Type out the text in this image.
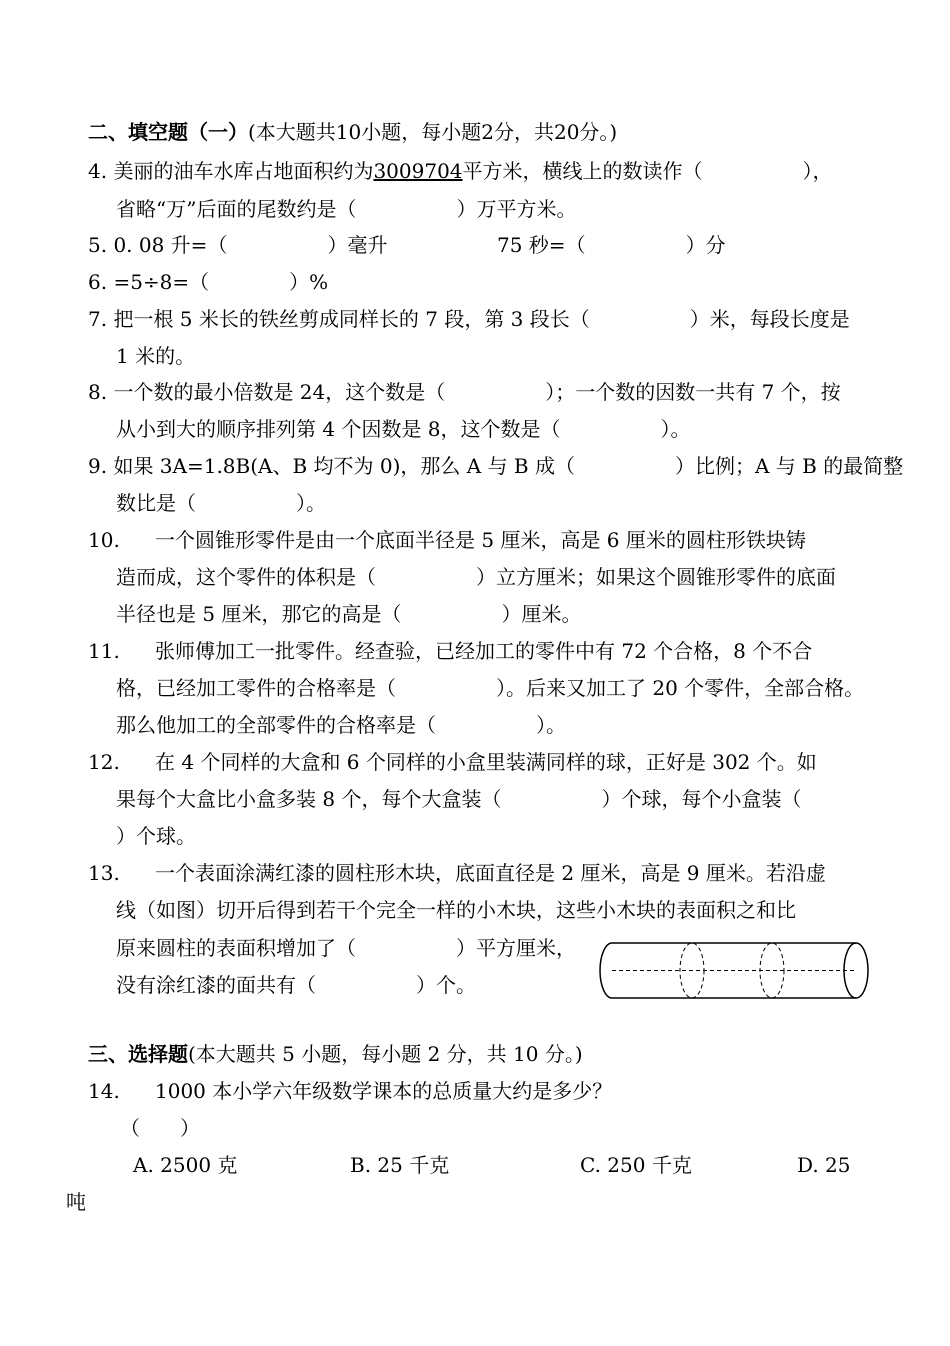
二、填空题（一）(本大题共10小题，每小题2分，共20分。)
4. 美丽的油车水库占地面积约为3009704平方米，横线上的数读作（　　　　　），
省略“万”后面的尾数约是（　　　　　）万平方米。
5. 0. 08 升=（　　　　　）毫升	75 秒=（　　　　　）分
6. =5÷8=（　　　　）%
7. 把一根 5 米长的铁丝剪成同样长的 7 段，第 3 段长（　　　　　）米，每段长度是
1 米的。
8. 一个数的最小倍数是 24，这个数是（　　　　　）；一个数的因数一共有 7 个，按
从小到大的顺序排列第 4 个因数是 8，这个数是（　　　　　）。
9. 如果 3A=1.8B(A、B 均不为 0)，那么 A 与 B 成（　　　　　）比例；A 与 B 的最简整
数比是（　　　　　）。
10. 一个圆锥形零件是由一个底面半径是 5 厘米，高是 6 厘米的圆柱形铁块铸
造而成，这个零件的体积是（　　　　　）立方厘米；如果这个圆锥形零件的底面
半径也是 5 厘米，那它的高是（　　　　　）厘米。
11. 张师傅加工一批零件。经查验，已经加工的零件中有 72 个合格，8 个不合
格，已经加工零件的合格率是（　　　　　）。后来又加工了 20 个零件，全部合格。
那么他加工的全部零件的合格率是（　　　　　）。
12. 在 4 个同样的大盒和 6 个同样的小盒里装满同样的球，正好是 302 个。如
果每个大盒比小盒多装 8 个，每个大盒装（　　　　　）个球，每个小盒装（
）个球。
13. 一个表面涂满红漆的圆柱形木块，底面直径是 2 厘米，高是 9 厘米。若沿虚
线（如图）切开后得到若干个完全一样的小木块，这些小木块的表面积之和比
原来圆柱的表面积增加了（　　　　　）平方厘米，
没有涂红漆的面共有（　　　　　）个。
三、选择题(本大题共 5 小题，每小题 2 分，共 10 分。)
14. 1000 本小学六年级数学课本的总质量大约是多少？
（　　）
A. 2500 克	B. 25 千克	C. 250 千克	D. 25
吨
